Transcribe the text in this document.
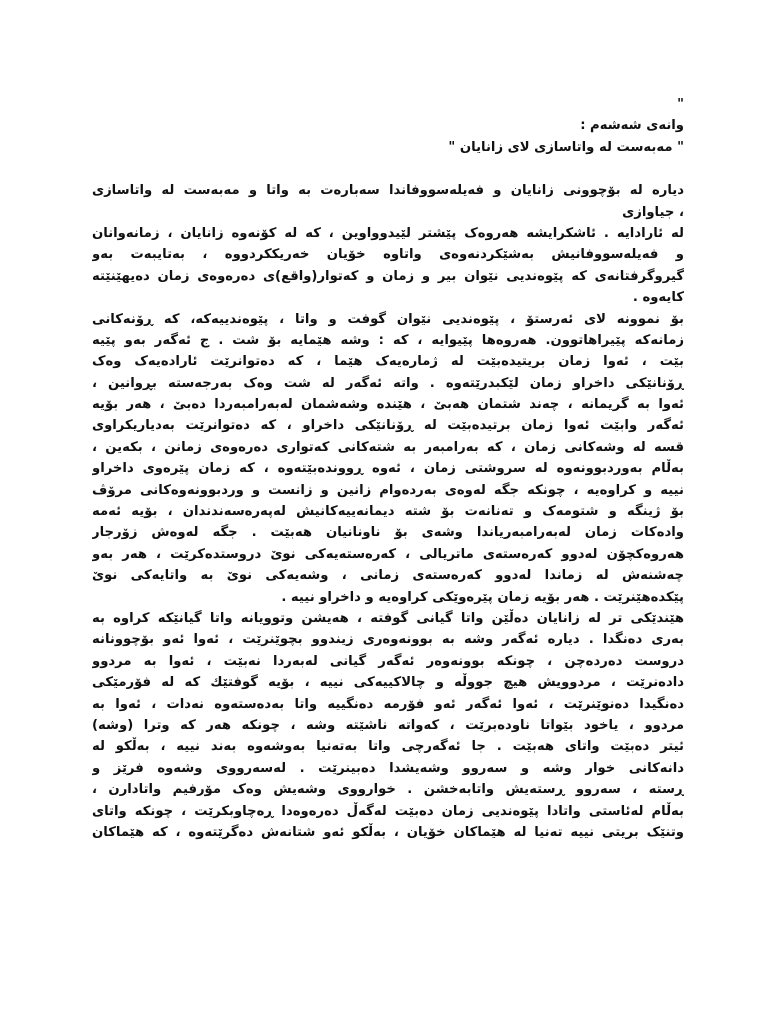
"
وانەی شەشەم :
" مەبەست لە واتاسازی لای زانایان "
دیارە لە بۆچوونی زانایان و فەیلەسووفاندا سەبارەت بە واتا و مەبەست لە واتاسازی
، جیاوازی
لە ئارادایە . ئاشکرایشە هەروەک پێشتر لێیدوواوین ، کە لە کۆنەوە زانایان ، زمانەوانان
و فەیلەسووفانیش بەشێکردنەوەی واتاوە خۆیان خەریککردووە ، بەتایبەت بەو
گیروگرفتانەی کە پێوەندیی نێوان بیر و زمان و کەتوار(واقع)ی دەرەوەی زمان دەیهێنێتە
کایەوە .
بۆ نموونە لای ئەرستۆ ، پێوەندیی نێوان گوفت و واتا ، پێوەندییەکە، کە ڕۆنەکانی
زمانەکە پێیراهاتوون. هەروەها پێیوایە ، کە : وشە هێمایە بۆ شت . ج ئەگەر بەو پێیە
بێت ، ئەوا زمان بریتیدەبێت لە ژمارەیەک هێما ، کە دەتوانرێت ئارادەیەک وەک
ڕۆنانێکی داخراو زمان لێکبدرێتەوە . واتە ئەگەر لە شت وەک بەرجەستە بڕوانین ،
ئەوا بە گریمانە ، چەند شتمان هەبێ ، هێندە وشەشمان لەبەرامبەردا دەبێ ، هەر بۆیە
ئەگەر وابێت ئەوا زمان برتیدەبێت لە ڕۆنانێکی داخراو ، کە دەتوانرێت بەدیاریکراوی
قسە لە وشەکانی زمان ، کە بەرامبەر بە شتەکانی کەتواری دەرەوەی زمانن ، بکەین ،
بەڵام بەوردبوونەوە لە سروشتی زمان ، ئەوە ڕووندەبێتەوە ، کە زمان پێرەوی داخراو
نییە و کراوەیە ، چونکە جگە لەوەی بەردەوام زانین و زانست و وردبوونەوەکانی مرۆڤ
بۆ ژینگە و شتومەک و تەنانەت بۆ شتە دیمانەییەکانیش لەپەرەسەندندان ، بۆیە ئەمە
وادەکات زمان لەبەرامبەریاندا وشەی بۆ ناونانیان هەبێت . جگە لەوەش زۆرجار
هەروەکچۆن لەدوو کەرەستەی ماتریالی ، کەرەستەیەکی نوێ دروستدەکرێت ، هەر بەو
چەشنەش لە زماندا لەدوو کەرەستەی زمانی ، وشەیەکی نوێ بە واتایەکی نوێ
پێکدەهێنرێت . هەر بۆیە زمان پێرەوێکی کراوەیە و داخراو نییە .
هێندێکی تر لە زانایان دەڵێن واتا گیانی گوفتە ، هەیشن وتوویانە واتا گیانێکە کراوە بە
بەری دەنگدا . دیارە ئەگەر وشە بە بوونەوەری زیندوو بچوێنرێت ، ئەوا ئەو بۆچوونانە
دروست دەردەچن ، چونکە بوونەوەر ئەگەر گیانی لەبەردا نەبێت ، ئەوا بە مردوو
دادەنرێت ، مردوویش هیچ جووڵە و چالاکییەکی نییە ، بۆیە گوفتێك کە لە فۆرمێکی
دەنگیدا دەنوێنرێت ، ئەوا ئەگەر ئەو فۆرمە دەنگییە واتا بەدەستەوە نەدات ، ئەوا بە
مردوو ، یاخود بێواتا ناودەبرێت ، کەواتە ناشێتە وشە ، چونکە هەر کە وترا (وشە)
ئیتر دەبێت واتای هەبێت . جا ئەگەرچی واتا بەتەنیا بەوشەوە بەند نییە ، بەڵکو لە
دانەکانی خوار وشە و سەروو وشەیشدا دەبینرێت . لەسەرووی وشەوە فرێز و
ڕستە ، سەروو ڕستەیش واتابەخشن . خوارووی وشەیش وەک مۆرفیم واتادارن ،
بەڵام لەئاستی واتادا پێوەندیی زمان دەبێت لەگەڵ دەرەوەدا ڕەچاوبکرێت ، چونکە واتای
وتنێک بریتی نییە تەنیا لە هێماکان خۆیان ، بەڵکو ئەو شتانەش دەگرێتەوە ، کە هێماکان
